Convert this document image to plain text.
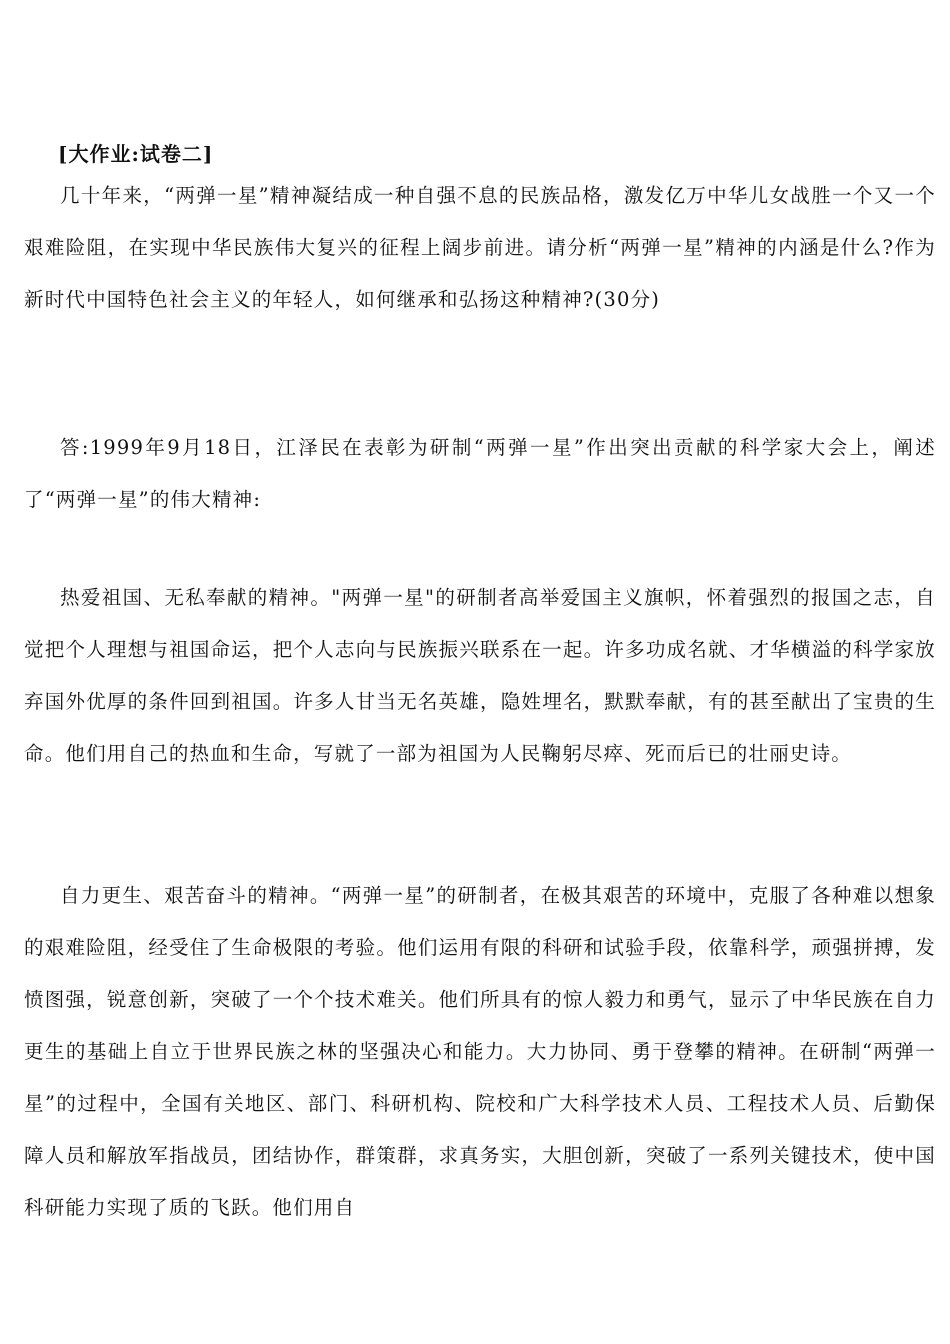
[大作业:试卷二]
几十年来，“两弹一星”精神凝结成一种自强不息的民族品格，激发亿万中华儿女战胜一个又一个艰难险阻，在实现中华民族伟大复兴的征程上阔步前进。请分析“两弹一星”精神的内涵是什么?作为新时代中国特色社会主义的年轻人，如何继承和弘扬这种精神?(30分)
答:1999年9月18日，江泽民在表彰为研制“两弹一星”作出突出贡献的科学家大会上，阐述了“两弹一星”的伟大精神:
热爱祖国、无私奉献的精神。"两弹一星"的研制者高举爱国主义旗帜，怀着强烈的报国之志，自觉把个人理想与祖国命运，把个人志向与民族振兴联系在一起。许多功成名就、才华横溢的科学家放弃国外优厚的条件回到祖国。许多人甘当无名英雄，隐姓埋名，默默奉献，有的甚至献出了宝贵的生命。他们用自己的热血和生命，写就了一部为祖国为人民鞠躬尽瘁、死而后已的壮丽史诗。
自力更生、艰苦奋斗的精神。“两弹一星”的研制者，在极其艰苦的环境中，克服了各种难以想象的艰难险阻，经受住了生命极限的考验。他们运用有限的科研和试验手段，依靠科学，顽强拼搏，发愤图强，锐意创新，突破了一个个技术难关。他们所具有的惊人毅力和勇气，显示了中华民族在自力更生的基础上自立于世界民族之林的坚强决心和能力。大力协同、勇于登攀的精神。在研制“两弹一星”的过程中，全国有关地区、部门、科研机构、院校和广大科学技术人员、工程技术人员、后勤保障人员和解放军指战员，团结协作，群策群，求真务实，大胆创新，突破了一系列关键技术，使中国科研能力实现了质的飞跃。他们用自
